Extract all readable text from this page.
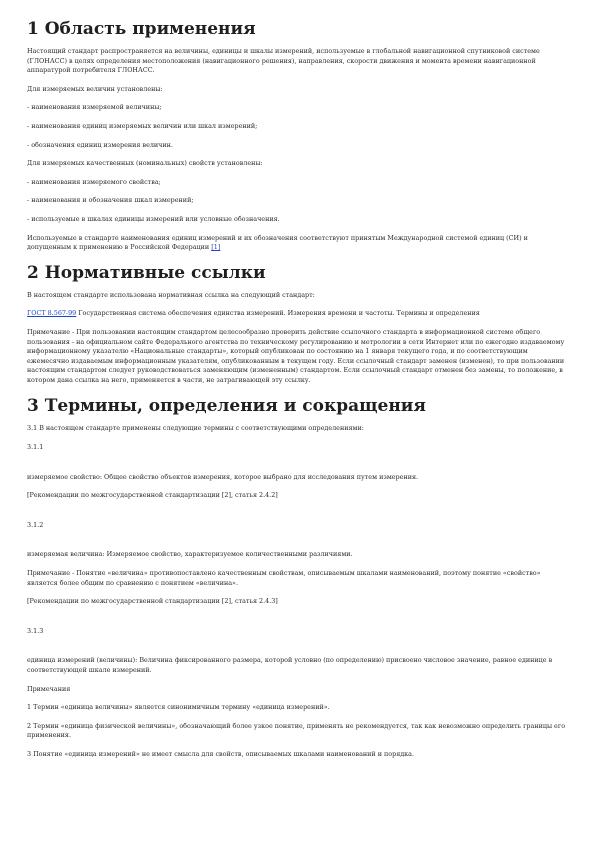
1 Область применения

Настоящий стандарт распространяется на величины, единицы и шкалы измерений, используемые в глобальной навигационной спутниковой системе (ГЛОНАСС) в целях определения местоположения (навигационного решения), направления, скорости движения и момента времени навигационной аппаратурой потребителя ГЛОНАСС.

Для измеряемых величин установлены:

- наименования измеряемой величины;

- наименования единиц измеряемых величин или шкал измерений;

- обозначения единиц измерения величин.

Для измеряемых качественных (номинальных) свойств установлены:

- наименования измеряемого свойства;

- наименования и обозначения шкал измерений;

- используемые в шкалах единицы измерений или условные обозначения.

Используемые в стандарте наименования единиц измерений и их обозначения соответствуют принятым Международной системой единиц (СИ) и допущенным к применению в Российской Федерации [1]

2 Нормативные ссылки

В настоящем стандарте использована нормативная ссылка на следующий стандарт:

ГОСТ 8.567-99 Государственная система обеспечения единства измерений. Измерения времени и частоты. Термины и определения

Примечание - При пользовании настоящим стандартом целесообразно проверить действие ссылочного стандарта в информационной системе общего пользования - на официальном сайте Федерального агентства по техническому регулированию и метрологии в сети Интернет или по ежегодно издаваемому информационному указателю «Национальные стандарты», который опубликован по состоянию на 1 января текущего года, и по соответствующим ежемесячно издаваемым информационным указателям, опубликованным в текущем году. Если ссылочный стандарт заменен (изменен), то при пользовании настоящим стандартом следует руководствоваться заменяющим (измененным) стандартом. Если ссылочный стандарт отменен без замены, то положение, в котором дана ссылка на него, применяется в части, не затрагивающей эту ссылку.

3 Термины, определения и сокращения

3.1 В настоящем стандарте применены следующие термины с соответствующими определениями:

3.1.1

измеряемое свойство: Общее свойство объектов измерения, которое выбрано для исследования путем измерения.

[Рекомендации по межгосударственной стандартизации [2], статья 2.4.2]

3.1.2

измеряемая величина: Измеряемое свойство, характеризуемое количественными различиями.

Примечание - Понятие «величина» противопоставлено качественным свойствам, описываемым шкалами наименований, поэтому понятие «свойство» является более общим по сравнению с понятием «величина».

[Рекомендации по межгосударственной стандартизации [2], статья 2.4.3]

3.1.3

единица измерений (величины): Величина фиксированного размера, которой условно (по определению) присвоено числовое значение, равное единице в соответствующей шкале измерений.

Примечания

1 Термин «единица величины» является синонимичным термину «единица измерений».

2 Термин «единица физической величины», обозначающий более узкое понятие, применять не рекомендуется, так как невозможно определить границы его применения.

3 Понятие «единица измерений» не имеет смысла для свойств, описываемых шкалами наименований и порядка.
